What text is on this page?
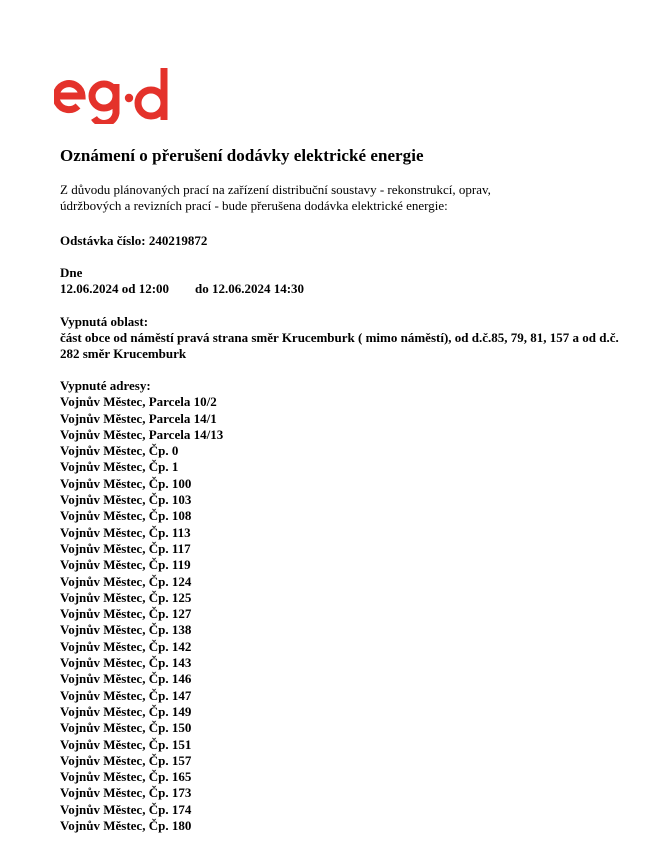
Oznámení o přerušení dodávky elektrické energie
Z důvodu plánovaných prací na zařízení distribuční soustavy - rekonstrukcí, oprav,
údržbových a revizních prací - bude přerušena dodávka elektrické energie:
Odstávka číslo: 240219872
Dne
12.06.2024 od 12:00	do 12.06.2024 14:30
Vypnutá oblast:
část obce od náměstí pravá strana směr Krucemburk ( mimo náměstí), od d.č.85, 79, 81, 157 a od d.č. 282 směr Krucemburk
Vypnuté adresy:
Vojnův Městec, Parcela 10/2
Vojnův Městec, Parcela 14/1
Vojnův Městec, Parcela 14/13
Vojnův Městec, Čp. 0
Vojnův Městec, Čp. 1
Vojnův Městec, Čp. 100
Vojnův Městec, Čp. 103
Vojnův Městec, Čp. 108
Vojnův Městec, Čp. 113
Vojnův Městec, Čp. 117
Vojnův Městec, Čp. 119
Vojnův Městec, Čp. 124
Vojnův Městec, Čp. 125
Vojnův Městec, Čp. 127
Vojnův Městec, Čp. 138
Vojnův Městec, Čp. 142
Vojnův Městec, Čp. 143
Vojnův Městec, Čp. 146
Vojnův Městec, Čp. 147
Vojnův Městec, Čp. 149
Vojnův Městec, Čp. 150
Vojnův Městec, Čp. 151
Vojnův Městec, Čp. 157
Vojnův Městec, Čp. 165
Vojnův Městec, Čp. 173
Vojnův Městec, Čp. 174
Vojnův Městec, Čp. 180
